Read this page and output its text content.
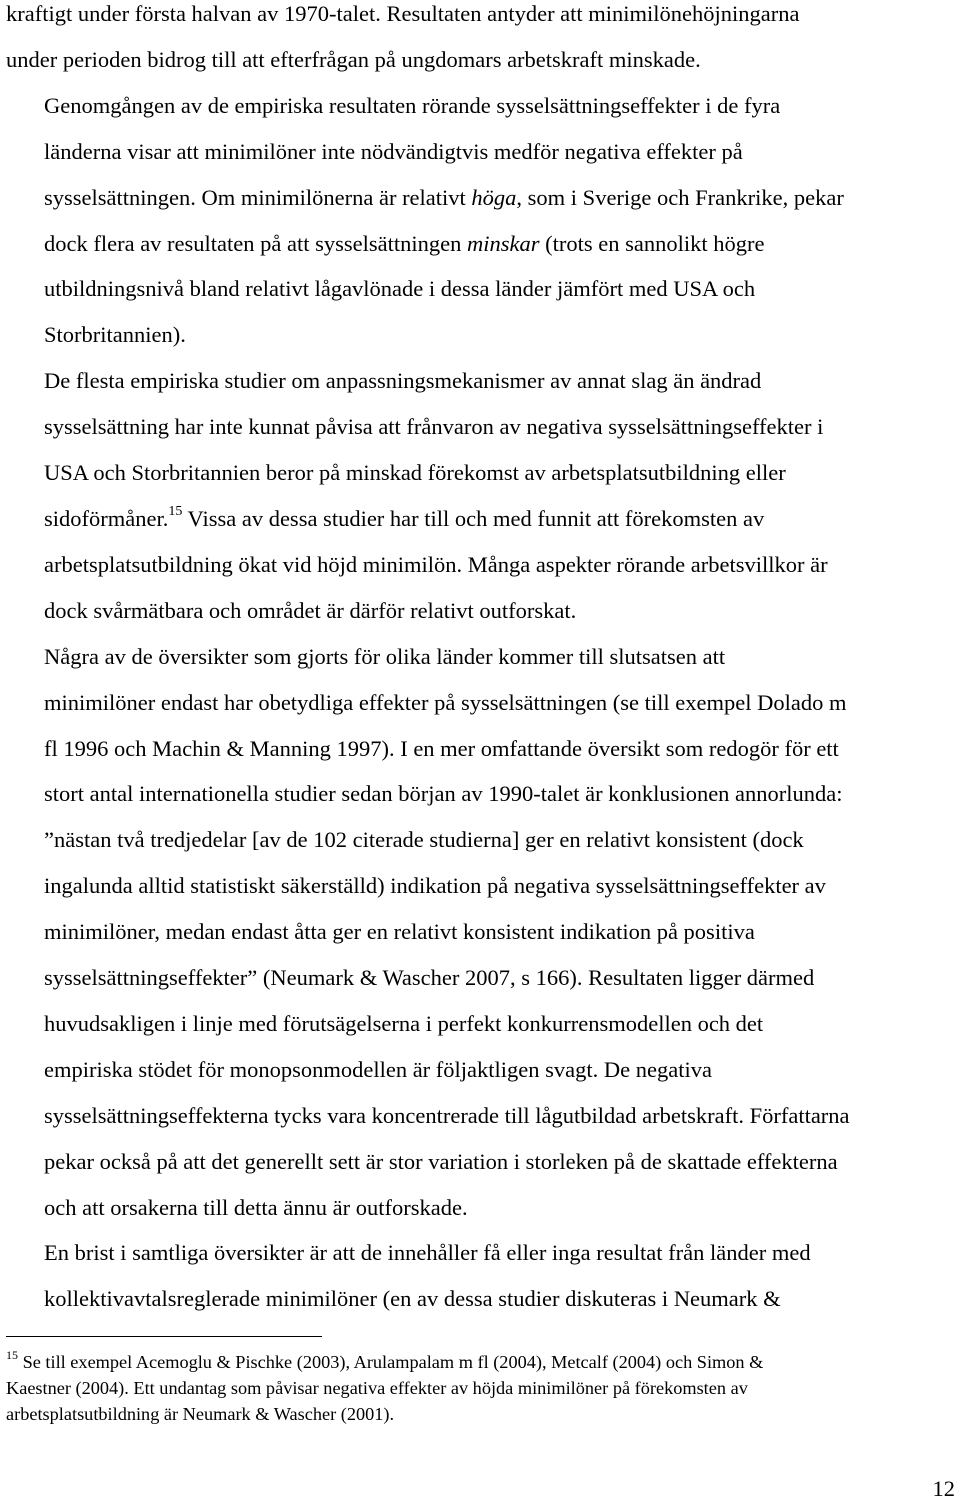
kraftigt under första halvan av 1970-talet. Resultaten antyder att minimilönehöjningarna
under perioden bidrog till att efterfrågan på ungdomars arbetskraft minskade.

Genomgången av de empiriska resultaten rörande sysselsättningseffekter i de fyra
länderna visar att minimilöner inte nödvändigtvis medför negativa effekter på
sysselsättningen. Om minimilönerna är relativt höga, som i Sverige och Frankrike, pekar
dock flera av resultaten på att sysselsättningen minskar (trots en sannolikt högre
utbildningsnivå bland relativt lågavlönade i dessa länder jämfört med USA och
Storbritannien).

De flesta empiriska studier om anpassningsmekanismer av annat slag än ändrad
sysselsättning har inte kunnat påvisa att frånvaron av negativa sysselsättningseffekter i
USA och Storbritannien beror på minskad förekomst av arbetsplatsutbildning eller
sidoförmåner.$^{15}$ Vissa av dessa studier har till och med funnit att förekomsten av
arbetsplatsutbildning ökat vid höjd minimilön. Många aspekter rörande arbetsvillkor är
dock svårmätbara och området är därför relativt outforskat.

Några av de översikter som gjorts för olika länder kommer till slutsatsen att
minimilöner endast har obetydliga effekter på sysselsättningen (se till exempel Dolado m
fl 1996 och Machin & Manning 1997). I en mer omfattande översikt som redogör för ett
stort antal internationella studier sedan början av 1990-talet är konklusionen annorlunda:
”nästan två tredjedelar [av de 102 citerade studierna] ger en relativt konsistent (dock
ingalunda alltid statistiskt säkerställd) indikation på negativa sysselsättningseffekter av
minimilöner, medan endast åtta ger en relativt konsistent indikation på positiva
sysselsättningseffekter” (Neumark & Wascher 2007, s 166). Resultaten ligger därmed
huvudsakligen i linje med förutsägelserna i perfekt konkurrensmodellen och det
empiriska stödet för monopsonmodellen är följaktligen svagt. De negativa
sysselsättningseffekterna tycks vara koncentrerade till lågutbildad arbetskraft. Författarna
pekar också på att det generellt sett är stor variation i storleken på de skattade effekterna
och att orsakerna till detta ännu är outforskade.

En brist i samtliga översikter är att de innehåller få eller inga resultat från länder med
kollektivavtalsreglerade minimilöner (en av dessa studier diskuteras i Neumark &

$^{15}$ Se till exempel Acemoglu & Pischke (2003), Arulampalam m fl (2004), Metcalf (2004) och Simon &
Kaestner (2004). Ett undantag som påvisar negativa effekter av höjda minimilöner på förekomsten av
arbetsplatsutbildning är Neumark & Wascher (2001).
12
